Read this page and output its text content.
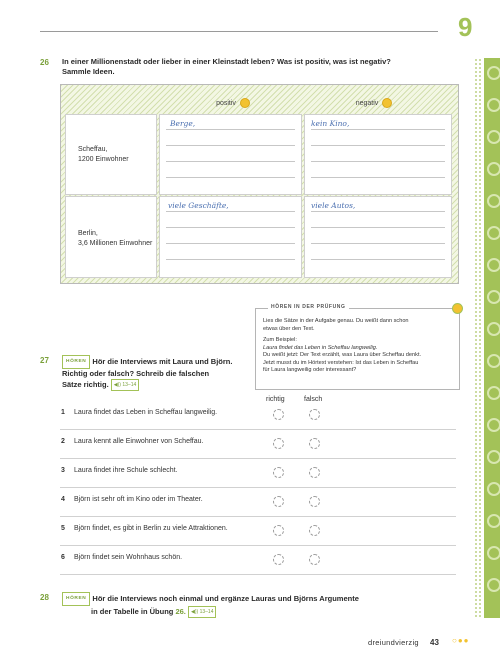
9
26 In einer Millionenstadt oder lieber in einer Kleinstadt leben? Was ist positiv, was ist negativ?
Sammle Ideen.
positiv	negativ
Scheffau,
1200 Einwohner
Berge,	kein Kino,
Berlin,
3,6 Millionen Einwohner
viele Geschäfte,	viele Autos,
Lies die Sätze in der Aufgabe genau. Du weißt dann schon
etwas über den Text.
Zum Beispiel:
Laura findet das Leben in Scheffau langweilig.
Du weißt jetzt: Der Text erzählt, was Laura über Scheffau denkt.
Jetzt musst du im Hörtext verstehen: Ist das Leben in Scheffau
für Laura langweilig oder interessant?
HÖREN IN DER PRÜFUNG
27	HÖREN Hör die Interviews mit Laura und Björn.
Richtig oder falsch? Schreib die falschen
Sätze richtig. ◀)) 13–14
richtig	falsch
1 Laura findet das Leben in Scheffau langweilig.
2 Laura kennt alle Einwohner von Scheffau.
3 Laura findet ihre Schule schlecht.
4 Björn ist sehr oft im Kino oder im Theater.
5 Björn findet, es gibt in Berlin zu viele Attraktionen.
6 Björn findet sein Wohnhaus schön.
28	HÖREN Hör die Interviews noch einmal und ergänze Lauras und Björns Argumente
in der Tabelle in Übung 26. ◀)) 13–14
dreiundvierzig 43 ○●●
